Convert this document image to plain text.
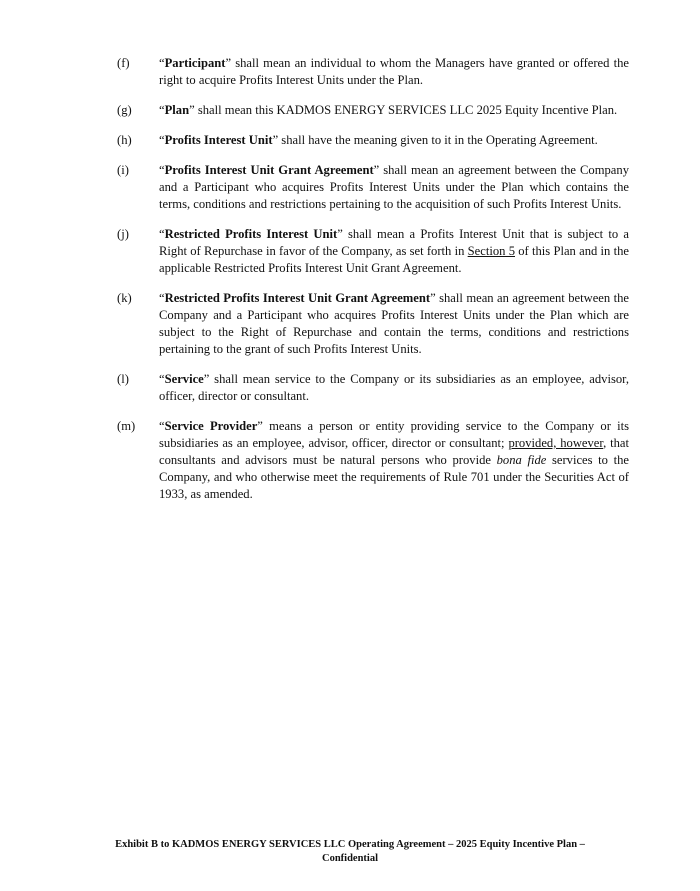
(f)	“Participant” shall mean an individual to whom the Managers have granted or offered the right to acquire Profits Interest Units under the Plan.
(g)	“Plan” shall mean this KADMOS ENERGY SERVICES LLC 2025 Equity Incentive Plan.
(h)	“Profits Interest Unit” shall have the meaning given to it in the Operating Agreement.
(i)	“Profits Interest Unit Grant Agreement” shall mean an agreement between the Company and a Participant who acquires Profits Interest Units under the Plan which contains the terms, conditions and restrictions pertaining to the acquisition of such Profits Interest Units.
(j)	“Restricted Profits Interest Unit” shall mean a Profits Interest Unit that is subject to a Right of Repurchase in favor of the Company, as set forth in Section 5 of this Plan and in the applicable Restricted Profits Interest Unit Grant Agreement.
(k)	“Restricted Profits Interest Unit Grant Agreement” shall mean an agreement between the Company and a Participant who acquires Profits Interest Units under the Plan which are subject to the Right of Repurchase and contain the terms, conditions and restrictions pertaining to the grant of such Profits Interest Units.
(l)	“Service” shall mean service to the Company or its subsidiaries as an employee, advisor, officer, director or consultant.
(m)	“Service Provider” means a person or entity providing service to the Company or its subsidiaries as an employee, advisor, officer, director or consultant; provided, however, that consultants and advisors must be natural persons who provide bona fide services to the Company, and who otherwise meet the requirements of Rule 701 under the Securities Act of 1933, as amended.
Exhibit B to KADMOS ENERGY SERVICES LLC Operating Agreement – 2025 Equity Incentive Plan –
Confidential
